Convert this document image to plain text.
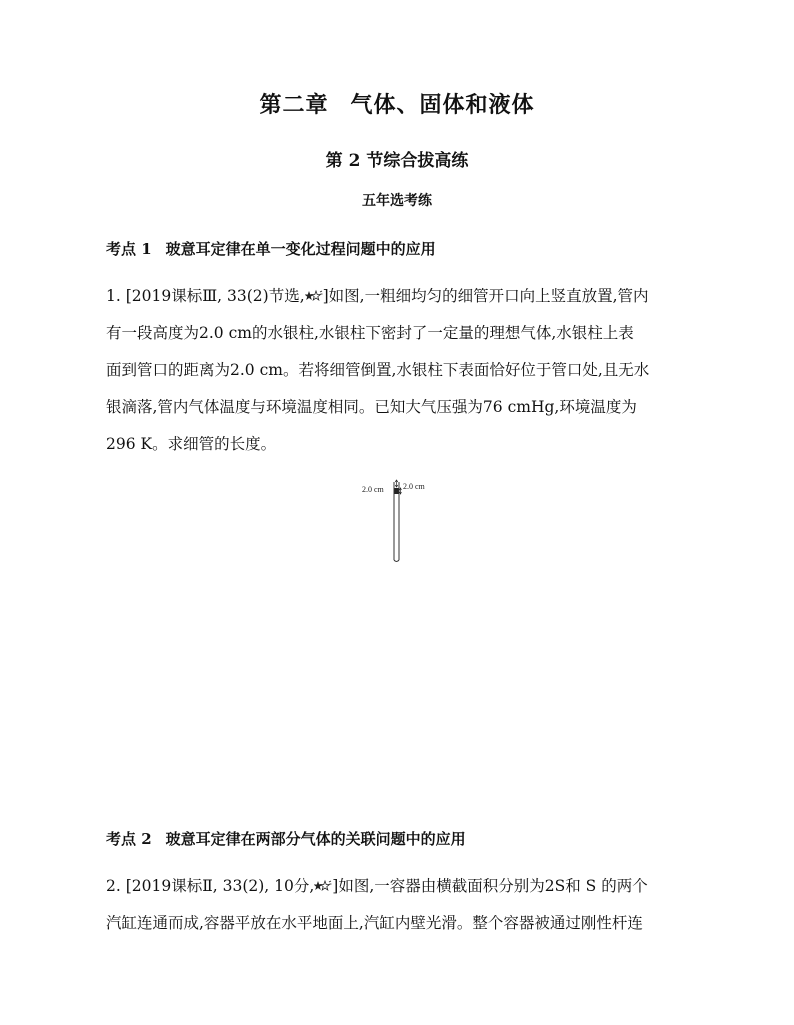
第二章 气体、固体和液体
第 2 节综合拔高练
五年选考练
考点 1 玻意耳定律在单一变化过程问题中的应用
1. [2019课标Ⅲ, 33(2)节选, ]如图,一粗细均匀的细管开口向上竖直放置,管内
有一段高度为2.0 cm的水银柱,水银柱下密封了一定量的理想气体,水银柱上表
面到管口的距离为2.0 cm。若将细管倒置,水银柱下表面恰好位于管口处,且无水
银滴落,管内气体温度与环境温度相同。已知大气压强为76 cmHg,环境温度为
296 K。求细管的长度。
2.0 cm 2.0 cm
考点 2 玻意耳定律在两部分气体的关联问题中的应用
2. [2019课标Ⅱ, 33(2), 10分, ]如图,一容器由横截面积分别为2S和 S 的两个
汽缸连通而成,容器平放在水平地面上,汽缸内壁光滑。整个容器被通过刚性杆连
